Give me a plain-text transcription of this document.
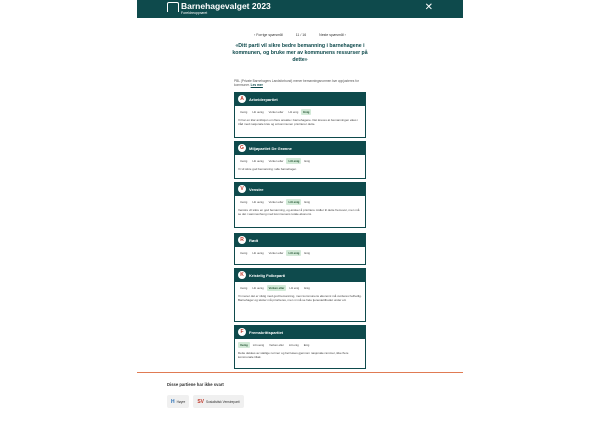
Barnehagevalget 2023
Foreldreopprøret	✕
‹ Forrige spørsmål	11 / 16	Neste spørsmål ›
«Ditt parti vil sikre bedre bemanning i barnehagene i kommunen, og bruke mer av kommunens ressurser på dette»
PBL (Private Barnehagers Landsforbund) mener bemanningsnormen bør oppjusteres for kommuner. Les mer
A	Arbeiderpartiet
Uenig	Litt uenig	Verken eller	Litt enig	Enig
Vi har en klar ambisjon om flere ansatte i barnehagene. Det kreves at bemanningen økes i tråd med nasjonale krav og at kommunen prioriterer dette.
G	Miljøpartiet De Grønne
Uenig	Litt uenig	Verken eller	Litt enig	Enig
Vi vil sikre god bemanning i alle barnehager.
V	Venstre
Uenig	Litt uenig	Verken eller	Litt enig	Enig
Venstre vil sikre en god bemanning, og ønsker å prioritere midler til dette fremover, men må se det i sammenheng med kommunens totale økonomi.
R	Rødt
Uenig	Litt uenig	Verken eller	Litt enig	Enig
K	Kristelig Folkeparti
Uenig	Litt uenig	Verken eller	Litt enig	Enig
Vi mener det er viktig med god bemanning, men kommunens økonomi må vurderes helhetlig. Barnehager og skoler må prioriteres, men vi må se hele tjenestetilbudet under ett.
F	Fremskrittspartiet
Uenig	Litt uenig	Verken eller	Litt enig	Enig
Dette dekkes av statlige normer og bør løses gjennom nasjonale rammer, ikke flere kommunale tiltak.
Disse partiene har ikke svart
H Høyre SV Sosialistisk Venstreparti
